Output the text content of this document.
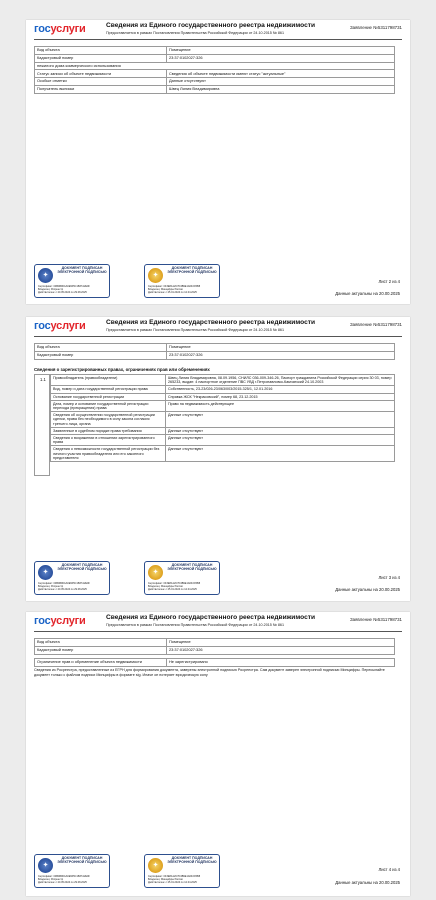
госуслуги	Сведения из Единого государственного реестра недвижимости
Предоставляется в рамках Постановления Правительства Российской Федерации от 24.10.2015 № 861
Заявление №5311798731
Вид объекта	Помещение
Кадастровый номер	23:37:0102027:326
нежилого дома коммерческого использования	
Статус записи об объекте недвижимости	Сведения об объекте недвижимости имеют статус "актуальные"
Особые отметки	Данные отсутствуют
Получатель выписки	Швец Лилия Владимировна
✦
ДОКУМЕНТ ПОДПИСАН ЭЛЕКТРОННОЙ ПОДПИСЬЮ
Сертификат: 00B4B9D1A0E9F5C1B37A2E0F
Владелец: Росреестр
Действителен: с 20.05.2024 по 29.08.2025
✦
ДОКУМЕНТ ПОДПИСАН ЭЛЕКТРОННОЙ ПОДПИСЬЮ
Сертификат: 0F3E8A12C7D4B9E1A6F2C5B8
Владелец: Минцифры России
Действителен: с 25.01.2024 по 12.04.2025
Лист 2 из 4
Данные актуальны на 20.00.2025
госуслуги	Сведения из Единого государственного реестра недвижимости
Предоставляется в рамках Постановления Правительства Российской Федерации от 24.10.2015 № 861
Заявление №5311798731
Вид объекта	Помещение
Кадастровый номер	23:37:0102027:326
Сведения о зарегистрированных правах, ограничениях прав или обременениях
1.1	Правообладатель (правообладатели)	Швец Лилия Владимировна, 08.09.1956, СНИЛС 036-009-346-26, Паспорт гражданина Российской Федерации серия 30 03, номер 265233, выдан: 4 паспортное отделение ПВС УВД г.Петропавловск-Камчатский 24.10.2003
Вид, номер и дата государственной регистрации права	Собственность, 23-23/026-23/063/003/2015-325/1, 12.01.2016
Основание государственной регистрации	Справка ЖСК "Некрасовский", номер 68, 23.12.2015
Дата, номер и основание государственной регистрации перехода (прекращения) права	Право на недвижимость действующее
Сведения об осуществлении государственной регистрации сделки, права без необходимого в силу закона согласия третьего лица, органа	Данные отсутствуют
Заявленные в судебном порядке права требования	Данные отсутствуют
Сведения о возражении в отношении зарегистрированного права	Данные отсутствуют
Сведения о невозможности государственной регистрации без личного участия правообладателя или его законного представителя	Данные отсутствуют
✦
ДОКУМЕНТ ПОДПИСАН ЭЛЕКТРОННОЙ ПОДПИСЬЮ
Сертификат: 00B4B9D1A0E9F5C1B37A2E0F
Владелец: Росреестр
Действителен: с 20.05.2024 по 29.08.2025
✦
ДОКУМЕНТ ПОДПИСАН ЭЛЕКТРОННОЙ ПОДПИСЬЮ
Сертификат: 0F3E8A12C7D4B9E1A6F2C5B8
Владелец: Минцифры России
Действителен: с 25.01.2024 по 12.04.2025
Лист 3 из 4
Данные актуальны на 20.00.2025
госуслуги	Сведения из Единого государственного реестра недвижимости
Предоставляется в рамках Постановления Правительства Российской Федерации от 24.10.2015 № 861
Заявление №5311798731
Вид объекта	Помещение
Кадастровый номер	23:37:0102027:326
Ограничение прав и обременение объекта недвижимости	Не зарегистрировано
Сведения из Росреестра, предоставленные из ЕГРН для формирования документа, заверены электронной подписью Росреестра. Сам документ заверен электронной подписью Минцифры. Пересылайте документ только с файлом подписи Минцифры в формате sig. Иначе он потеряет юридическую силу
✦
ДОКУМЕНТ ПОДПИСАН ЭЛЕКТРОННОЙ ПОДПИСЬЮ
Сертификат: 00B4B9D1A0E9F5C1B37A2E0F
Владелец: Росреестр
Действителен: с 20.05.2024 по 29.08.2025
✦
ДОКУМЕНТ ПОДПИСАН ЭЛЕКТРОННОЙ ПОДПИСЬЮ
Сертификат: 0F3E8A12C7D4B9E1A6F2C5B8
Владелец: Минцифры России
Действителен: с 25.01.2024 по 12.04.2025
Лист 4 из 4
Данные актуальны на 20.00.2025
